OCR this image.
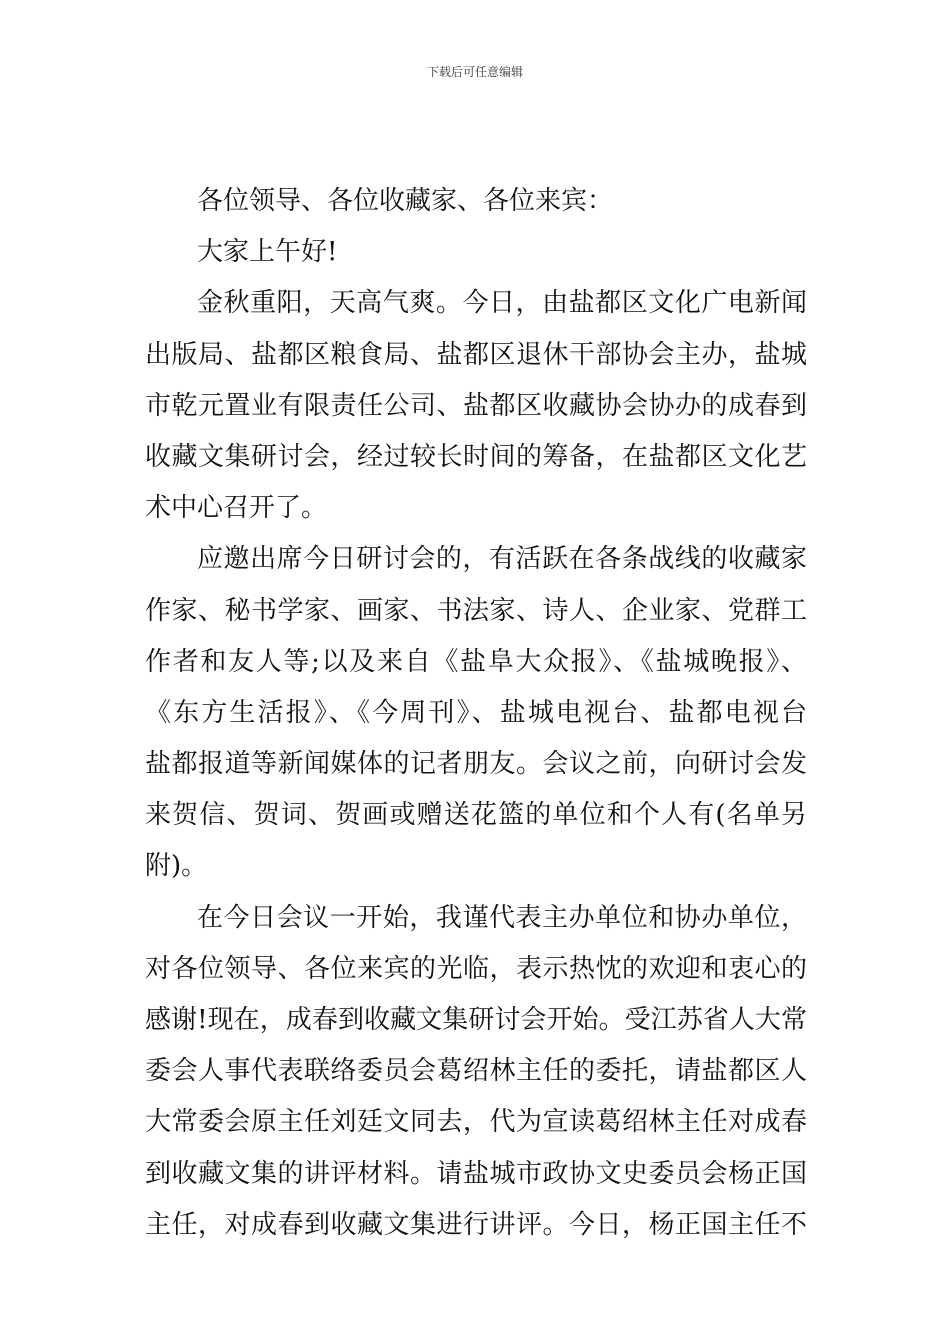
下载后可任意编辑
各位领导、各位收藏家、各位来宾：
大家上午好!
金秋重阳，天高气爽。今日，由盐都区文化广电新闻
出版局、盐都区粮食局、盐都区退休干部协会主办，盐城
市乾元置业有限责任公司、盐都区收藏协会协办的成春到
收藏文集研讨会，经过较长时间的筹备，在盐都区文化艺
术中心召开了。
应邀出席今日研讨会的，有活跃在各条战线的收藏家
作家、秘书学家、画家、书法家、诗人、企业家、党群工
作者和友人等;以及来自《盐阜大众报》、《盐城晚报》、
《东方生活报》、《今周刊》、盐城电视台、盐都电视台
盐都报道等新闻媒体的记者朋友。会议之前，向研讨会发
来贺信、贺词、贺画或赠送花篮的单位和个人有(名单另
附)。
在今日会议一开始，我谨代表主办单位和协办单位，
对各位领导、各位来宾的光临，表示热忱的欢迎和衷心的
感谢!现在，成春到收藏文集研讨会开始。受江苏省人大常
委会人事代表联络委员会葛绍林主任的委托，请盐都区人
大常委会原主任刘廷文同去，代为宣读葛绍林主任对成春
到收藏文集的讲评材料。请盐城市政协文史委员会杨正国
主任，对成春到收藏文集进行讲评。今日，杨正国主任不
